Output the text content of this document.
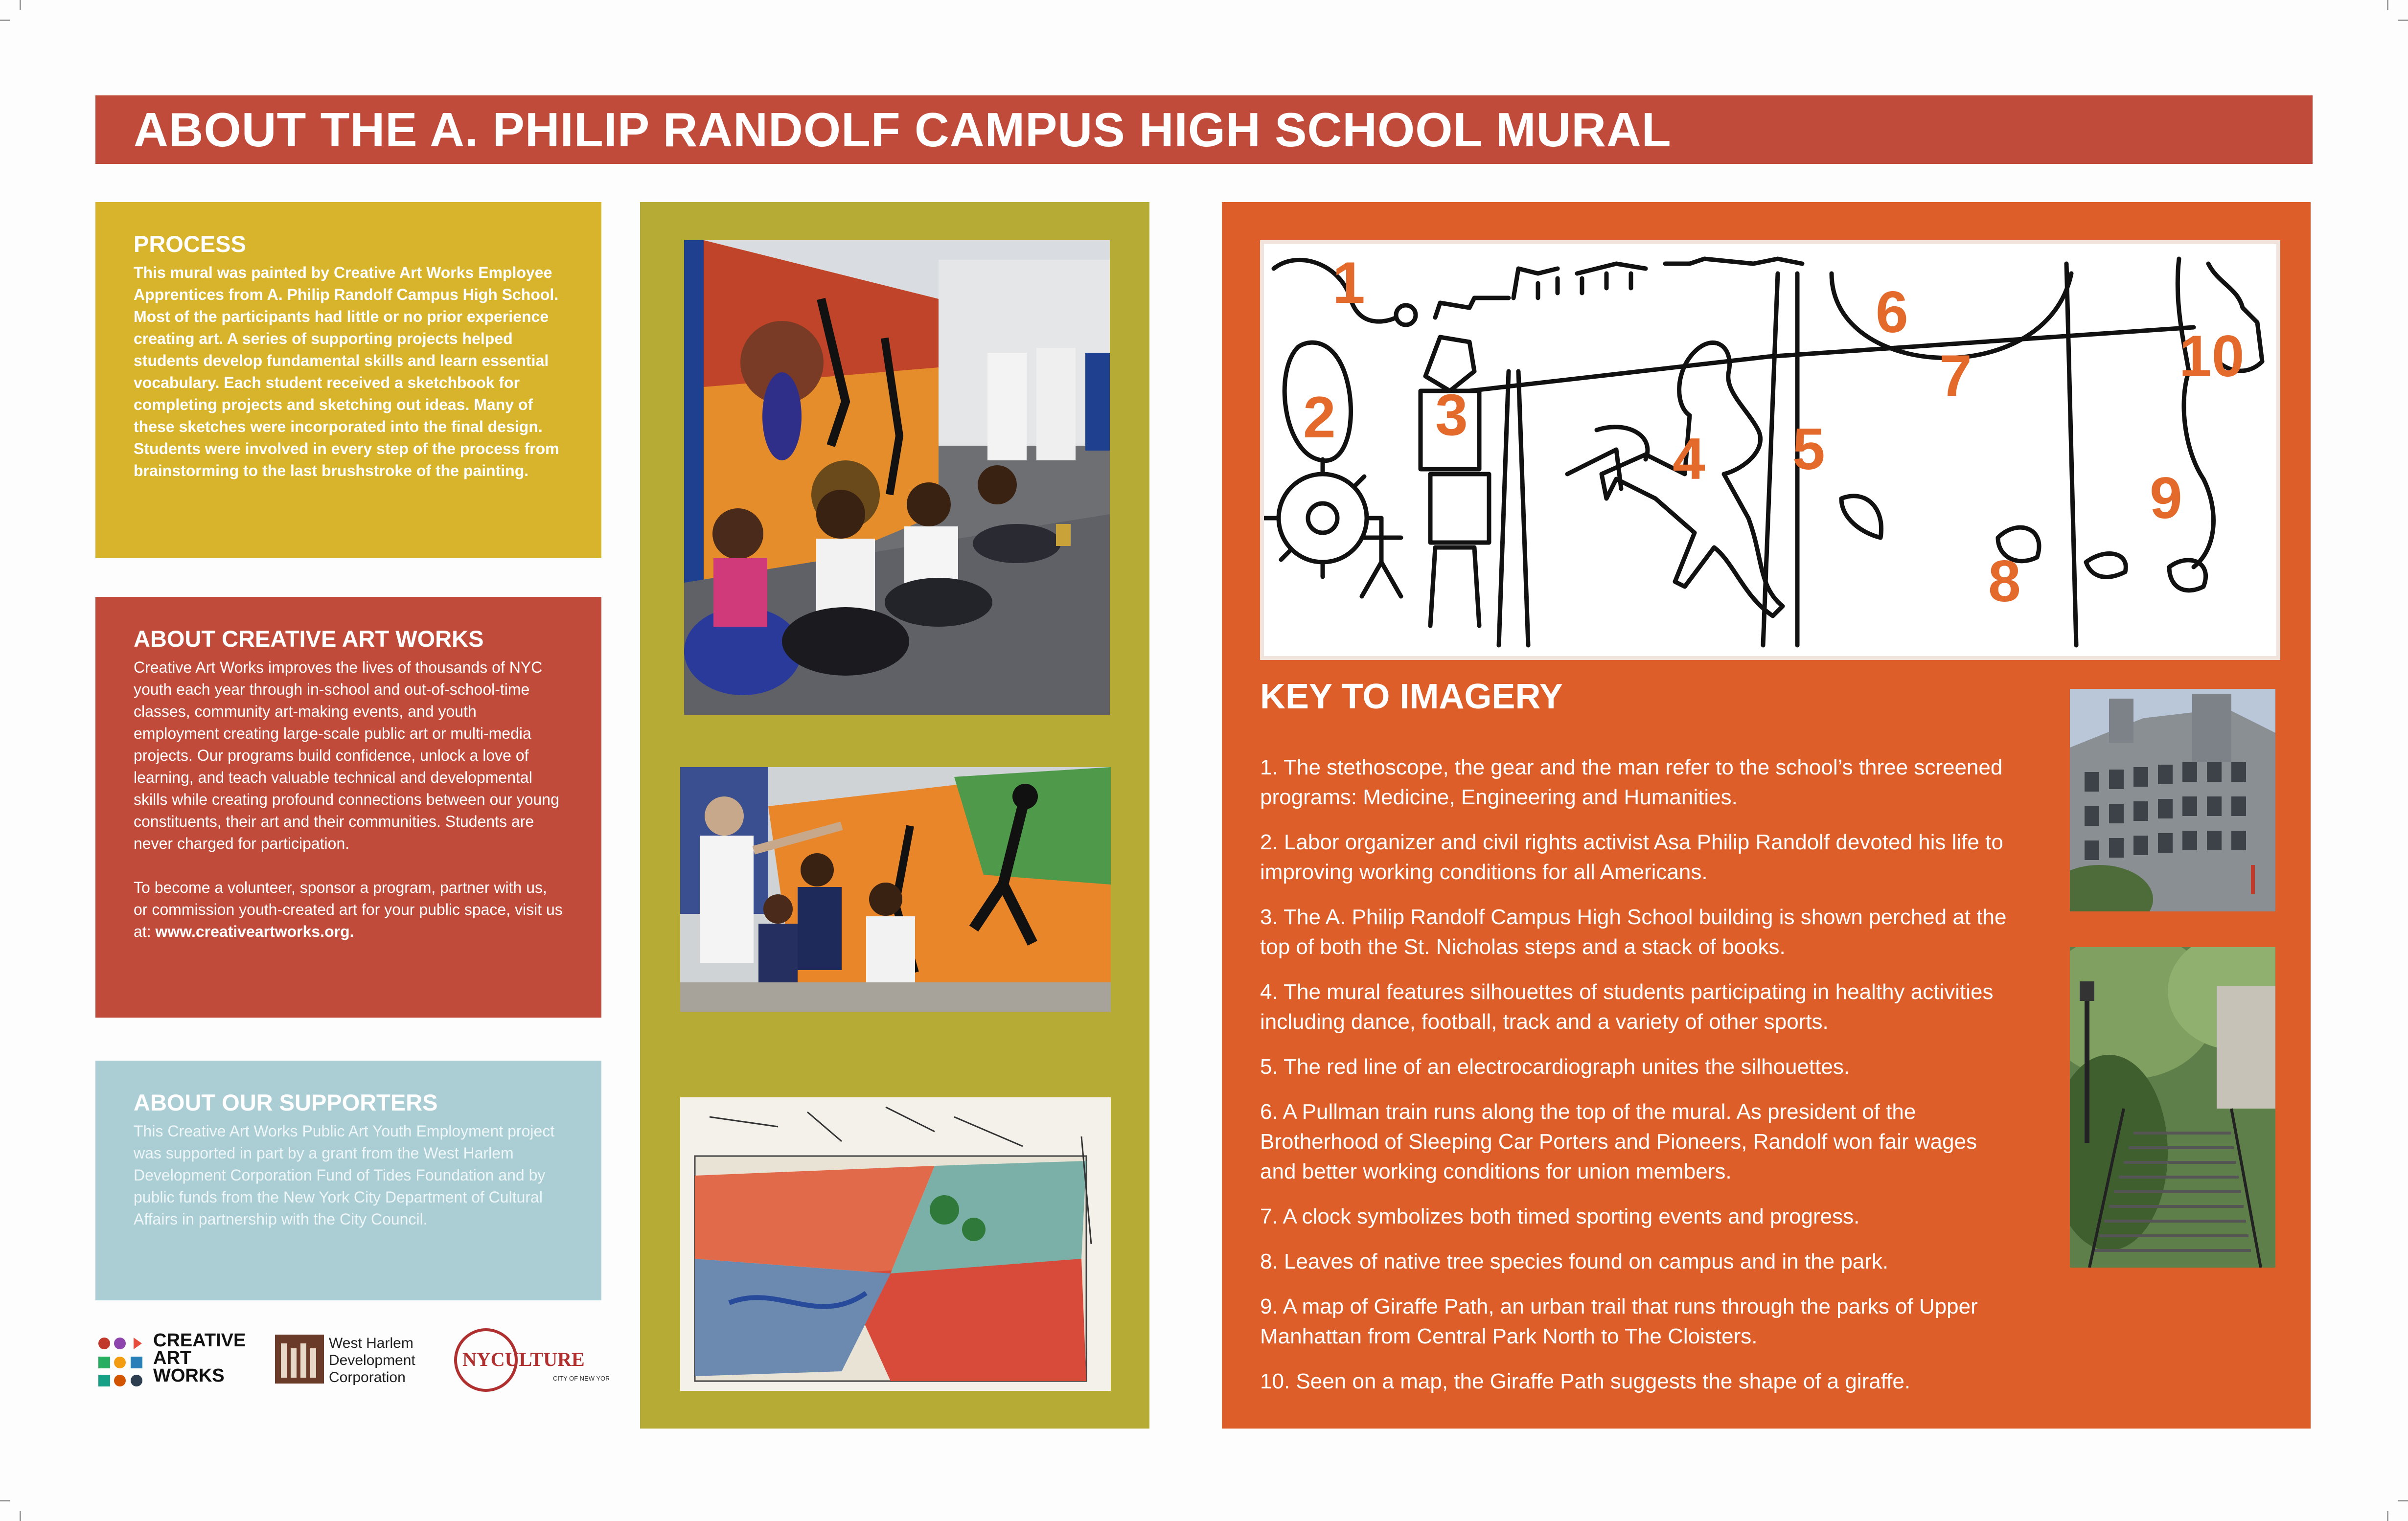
ABOUT THE A. PHILIP RANDOLF CAMPUS HIGH SCHOOL MURAL
PROCESS

This mural was painted by Creative Art Works Employee Apprentices from A. Philip Randolf Campus High School. Most of the participants had little or no prior experience creating art. A series of supporting projects helped students develop fundamental skills and learn essential vocabulary. Each student received a sketchbook for completing projects and sketching out ideas. Many of these sketches were incorporated into the final design. Students were involved in every step of the process from brainstorming to the last brushstroke of the painting.

ABOUT CREATIVE ART WORKS

Creative Art Works improves the lives of thousands of NYC youth each year through in-school and out-of-school-time classes, community art-making events, and youth employment creating large-scale public art or multi-media projects. Our programs build confidence, unlock a love of learning, and teach valuable technical and developmental skills while creating profound connections between our young constituents, their art and their communities. Students are never charged for participation.

To become a volunteer, sponsor a program, partner with us, or commission youth-created art for your public space, visit us at: www.creativeartworks.org.

ABOUT OUR SUPPORTERS

This Creative Art Works Public Art Youth Employment project was supported in part by a grant from the West Harlem Development Corporation Fund of Tides Foundation and by public funds from the New York City Department of Cultural Affairs in partnership with the City Council.

CREATIVE
ART
WORKS
West Harlem
Development
Corporation
NYCULTURE
CITY OF NEW YORK
1
2 3
4 5
6
7
8
9
10
KEY TO IMAGERY
1. The stethoscope, the gear and the man refer to the school’s three screened programs: Medicine, Engineering and Humanities.
2. Labor organizer and civil rights activist Asa Philip Randolf devoted his life to improving working conditions for all Americans.
3. The A. Philip Randolf Campus High School building is shown perched at the top of both the St. Nicholas steps and a stack of books.
4. The mural features silhouettes of students participating in healthy activities including dance, football, track and a variety of other sports.
5. The red line of an electrocardiograph unites the silhouettes.
6. A Pullman train runs along the top of the mural. As president of the Brotherhood of Sleeping Car Porters and Pioneers, Randolf won fair wages and better working conditions for union members.
7. A clock symbolizes both timed sporting events and progress.
8. Leaves of native tree species found on campus and in the park.
9. A map of Giraffe Path, an urban trail that runs through the parks of Upper Manhattan from Central Park North to The Cloisters.
10. Seen on a map, the Giraffe Path suggests the shape of a giraffe.
